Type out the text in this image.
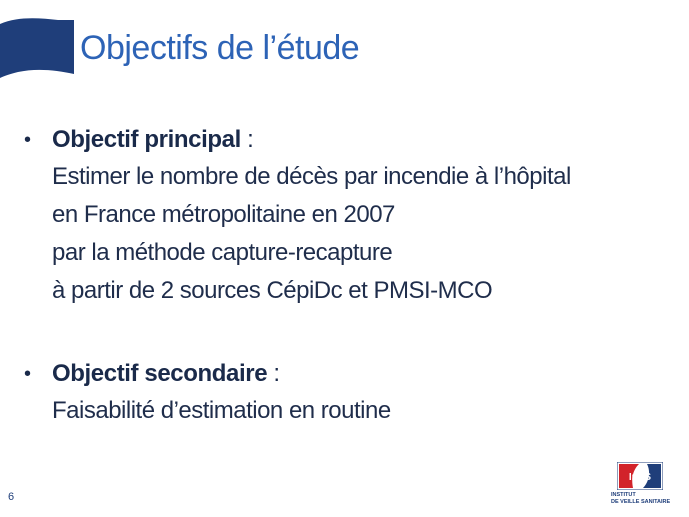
Objectifs de l’étude
• Objectif principal :
Estimer le nombre de décès par incendie à l’hôpital
en France métropolitaine en 2007
par la méthode capture-recapture
à partir de 2 sources CépiDc et PMSI-MCO
• Objectif secondaire :
Faisabilité d’estimation en routine
6
InVS
INSTITUT
DE VEILLE SANITAIRE
